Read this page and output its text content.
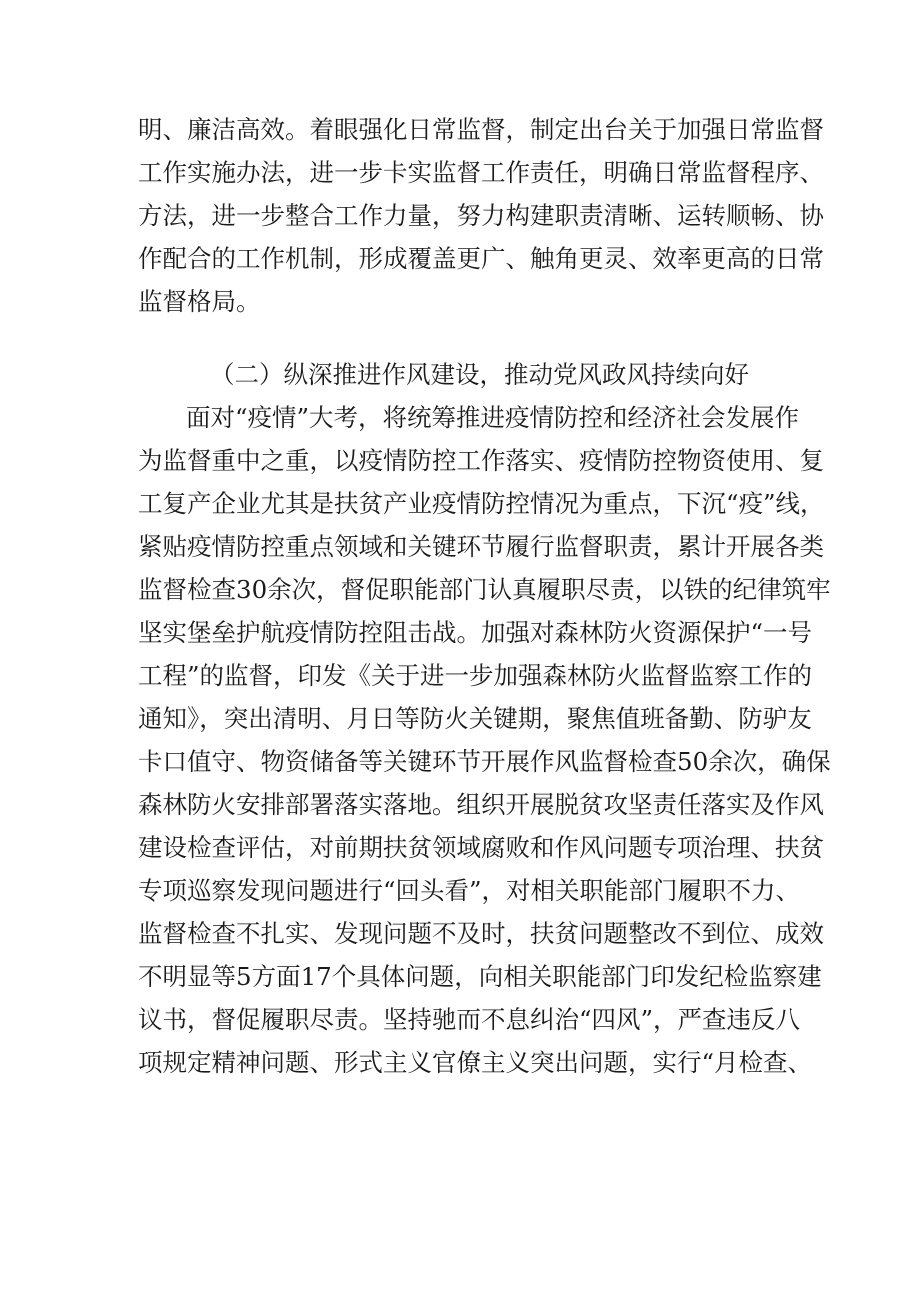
明、廉洁高效。着眼强化日常监督，制定出台关于加强日常监督
工作实施办法，进一步卡实监督工作责任，明确日常监督程序、
方法，进一步整合工作力量，努力构建职责清晰、运转顺畅、协
作配合的工作机制，形成覆盖更广、触角更灵、效率更高的日常
监督格局。
（二）纵深推进作风建设，推动党风政风持续向好
面对“疫情”大考，将统筹推进疫情防控和经济社会发展作
为监督重中之重，以疫情防控工作落实、疫情防控物资使用、复
工复产企业尤其是扶贫产业疫情防控情况为重点，下沉“疫”线，
紧贴疫情防控重点领域和关键环节履行监督职责，累计开展各类
监督检查30余次，督促职能部门认真履职尽责，以铁的纪律筑牢
坚实堡垒护航疫情防控阻击战。加强对森林防火资源保护“一号
工程”的监督，印发《关于进一步加强森林防火监督监察工作的
通知》，突出清明、月日等防火关键期，聚焦值班备勤、防驴友
卡口值守、物资储备等关键环节开展作风监督检查50余次，确保
森林防火安排部署落实落地。组织开展脱贫攻坚责任落实及作风
建设检查评估，对前期扶贫领域腐败和作风问题专项治理、扶贫
专项巡察发现问题进行“回头看”，对相关职能部门履职不力、
监督检查不扎实、发现问题不及时，扶贫问题整改不到位、成效
不明显等5方面17个具体问题，向相关职能部门印发纪检监察建
议书，督促履职尽责。坚持驰而不息纠治“四风”，严查违反八
项规定精神问题、形式主义官僚主义突出问题，实行“月检查、
